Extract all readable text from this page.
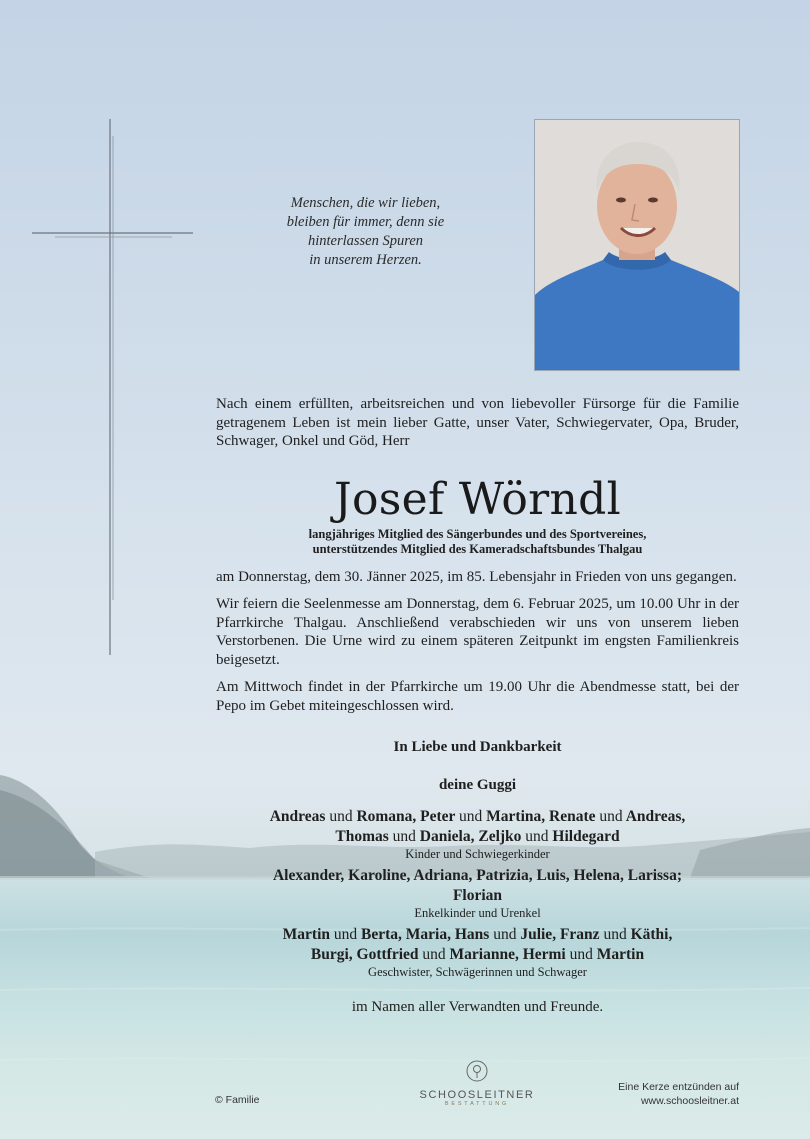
Menschen, die wir lieben,
bleiben für immer, denn sie
hinterlassen Spuren
in unserem Herzen.
Nach einem erfüllten, arbeitsreichen und von liebevoller Fürsorge für die Familie getragenem Leben ist mein lieber Gatte, unser Vater, Schwiegervater, Opa, Bruder, Schwager, Onkel und Göd, Herr
Josef Wörndl
langjähriges Mitglied des Sängerbundes und des Sportvereines,
unterstützendes Mitglied des Kameradschaftsbundes Thalgau

am Donnerstag, dem 30. Jänner 2025, im 85. Lebensjahr in Frieden von uns gegangen.

Wir feiern die Seelenmesse am Donnerstag, dem 6. Februar 2025, um 10.00 Uhr in der Pfarrkirche Thalgau. Anschließend verabschieden wir uns von unserem lieben Verstorbenen. Die Urne wird zu einem späteren Zeitpunkt im engsten Familienkreis beigesetzt.

Am Mittwoch findet in der Pfarrkirche um 19.00 Uhr die Abendmesse statt, bei der Pepo im Gebet miteingeschlossen wird.

In Liebe und Dankbarkeit
deine Guggi
Andreas und Romana, Peter und Martina, Renate und Andreas,
Thomas und Daniela, Zeljko und Hildegard
Kinder und Schwiegerkinder
Alexander, Karoline, Adriana, Patrizia, Luis, Helena, Larissa;
Florian
Enkelkinder und Urenkel
Martin und Berta, Maria, Hans und Julie, Franz und Käthi,
Burgi, Gottfried und Marianne, Hermi und Martin
Geschwister, Schwägerinnen und Schwager
im Namen aller Verwandten und Freunde.
© Familie	SCHOOSLEITNER
BESTATTUNG
Eine Kerze entzünden auf
www.schoosleitner.at
